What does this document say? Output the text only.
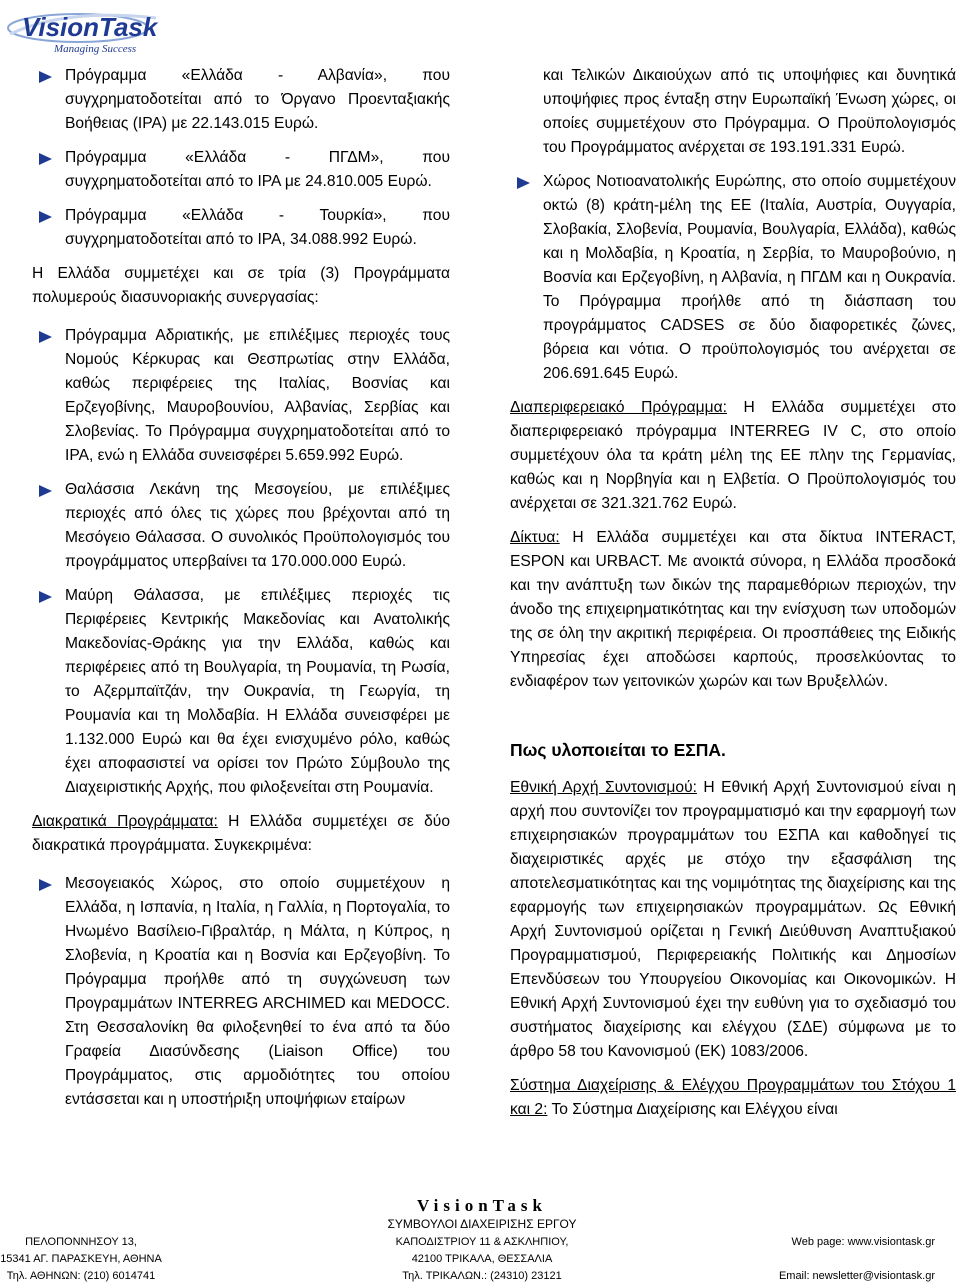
VisionTask
Managing Success
Πρόγραμμα «Ελλάδα - Αλβανία», που συγχρηματοδοτείται από το Όργανο Προενταξιακής Βοήθειας (IPA) με 22.143.015 Ευρώ.
Πρόγραμμα «Ελλάδα - ΠΓΔΜ», που συγχρηματοδοτείται από το IPA με 24.810.005 Ευρώ.
Πρόγραμμα «Ελλάδα - Τουρκία», που συγχρηματοδοτείται από το IPA, 34.088.992 Ευρώ.
Η Ελλάδα συμμετέχει και σε τρία (3) Προγράμματα πολυμερούς διασυνοριακής συνεργασίας:
Πρόγραμμα Αδριατικής, με επιλέξιμες περιοχές τους Νομούς Κέρκυρας και Θεσπρωτίας στην Ελλάδα, καθώς περιφέρειες της Ιταλίας, Βοσνίας και Ερζεγοβίνης, Μαυροβουνίου, Αλβανίας, Σερβίας και Σλοβενίας. Το Πρόγραμμα συγχρηματοδοτείται από το IPA, ενώ η Ελλάδα συνεισφέρει 5.659.992 Ευρώ.
Θαλάσσια Λεκάνη της Μεσογείου, με επιλέξιμες περιοχές από όλες τις χώρες που βρέχονται από τη Μεσόγειο Θάλασσα. Ο συνολικός Προϋπολογισμός του προγράμματος υπερβαίνει τα 170.000.000 Ευρώ.
Μαύρη Θάλασσα, με επιλέξιμες περιοχές τις Περιφέρειες Κεντρικής Μακεδονίας και Ανατολικής Μακεδονίας-Θράκης για την Ελλάδα, καθώς και περιφέρειες από τη Βουλγαρία, τη Ρουμανία, τη Ρωσία, το Αζερμπαϊτζάν, την Ουκρανία, τη Γεωργία, τη Ρουμανία και τη Μολδαβία. Η Ελλάδα συνεισφέρει με 1.132.000 Ευρώ και θα έχει ενισχυμένο ρόλο, καθώς έχει αποφασιστεί να ορίσει τον Πρώτο Σύμβουλο της Διαχειριστικής Αρχής, που φιλοξενείται στη Ρουμανία.
Διακρατικά Προγράμματα: Η Ελλάδα συμμετέχει σε δύο διακρατικά προγράμματα. Συγκεκριμένα:
Μεσογειακός Χώρος, στο οποίο συμμετέχουν η Ελλάδα, η Ισπανία, η Ιταλία, η Γαλλία, η Πορτογαλία, το Ηνωμένο Βασίλειο-Γιβραλτάρ, η Μάλτα, η Κύπρος, η Σλοβενία, η Κροατία και η Βοσνία και Ερζεγοβίνη. Το Πρόγραμμα προήλθε από τη συγχώνευση των Προγραμμάτων INTERREG ARCHIMED και MEDOCC. Στη Θεσσαλονίκη θα φιλοξενηθεί το ένα από τα δύο Γραφεία Διασύνδεσης (Liaison Office) του Προγράμματος, στις αρμοδιότητες του οποίου εντάσσεται και η υποστήριξη υποψήφιων εταίρων
και Τελικών Δικαιούχων από τις υποψήφιες και δυνητικά υποψήφιες προς ένταξη στην Ευρωπαϊκή Ένωση χώρες, οι οποίες συμμετέχουν στο Πρόγραμμα. Ο Προϋπολογισμός του Προγράμματος ανέρχεται σε 193.191.331 Ευρώ.
Χώρος Νοτιοανατολικής Ευρώπης, στο οποίο συμμετέχουν οκτώ (8) κράτη-μέλη της ΕΕ (Ιταλία, Αυστρία, Ουγγαρία, Σλοβακία, Σλοβενία, Ρουμανία, Βουλγαρία, Ελλάδα), καθώς και η Μολδαβία, η Κροατία, η Σερβία, το Μαυροβούνιο, η Βοσνία και Ερζεγοβίνη, η Αλβανία, η ΠΓΔΜ και η Ουκρανία. Το Πρόγραμμα προήλθε από τη διάσπαση του προγράμματος CADSES σε δύο διαφορετικές ζώνες, βόρεια και νότια. Ο προϋπολογισμός του ανέρχεται σε 206.691.645 Ευρώ.
Διαπεριφερειακό Πρόγραμμα: Η Ελλάδα συμμετέχει στο διαπεριφερειακό πρόγραμμα INTERREG IV C, στο οποίο συμμετέχουν όλα τα κράτη μέλη της ΕΕ πλην της Γερμανίας, καθώς και η Νορβηγία και η Ελβετία. Ο Προϋπολογισμός του ανέρχεται σε 321.321.762 Ευρώ.
Δίκτυα: Η Ελλάδα συμμετέχει και στα δίκτυα INTERACT, ESPON και URBACT. Με ανοικτά σύνορα, η Ελλάδα προσδοκά και την ανάπτυξη των δικών της παραμεθόριων περιοχών, την άνοδο της επιχειρηματικότητας και την ενίσχυση των υποδομών της σε όλη την ακριτική περιφέρεια. Οι προσπάθειες της Ειδικής Υπηρεσίας έχει αποδώσει καρπούς, προσελκύοντας το ενδιαφέρον των γειτονικών χωρών και των Βρυξελλών.
Πως υλοποιείται το ΕΣΠΑ.
Εθνική Αρχή Συντονισμού: Η Εθνική Αρχή Συντονισμού είναι η αρχή που συντονίζει τον προγραμματισμό και την εφαρμογή των επιχειρησιακών προγραμμάτων του ΕΣΠΑ και καθοδηγεί τις διαχειριστικές αρχές με στόχο την εξασφάλιση της αποτελεσματικότητας και της νομιμότητας της διαχείρισης και της εφαρμογής των επιχειρησιακών προγραμμάτων. Ως Εθνική Αρχή Συντονισμού ορίζεται η Γενική Διεύθυνση Αναπτυξιακού Προγραμματισμού, Περιφερειακής Πολιτικής και Δημοσίων Επενδύσεων του Υπουργείου Οικονομίας και Οικονομικών. Η Εθνική Αρχή Συντονισμού έχει την ευθύνη για το σχεδιασμό του συστήματος διαχείρισης και ελέγχου (ΣΔΕ) σύμφωνα με το άρθρο 58 του Κανονισμού (ΕΚ) 1083/2006.
Σύστημα Διαχείρισης & Ελέγχου Προγραμμάτων του Στόχου 1 και 2: Το Σύστημα Διαχείρισης και Ελέγχου είναι
VisionTask
ΣΥΜΒΟΥΛΟΙ ΔΙΑΧΕΙΡΙΣΗΣ ΕΡΓΟΥ
ΠΕΛΟΠΟΝΝΗΣΟΥ 13,
15341 ΑΓ. ΠΑΡΑΣΚΕΥΗ, ΑΘΗΝΑ
Τηλ. ΑΘΗΝΩΝ: (210) 6014741
ΚΑΠΟΔΙΣΤΡΙΟΥ 11 & ΑΣΚΛΗΠΙΟΥ,
42100 ΤΡΙΚΑΛΑ, ΘΕΣΣΑΛΙΑ
Τηλ. ΤΡΙΚΑΛΩΝ.: (24310) 23121
Web page: www.visiontask.gr
Email: newsletter@visiontask.gr
